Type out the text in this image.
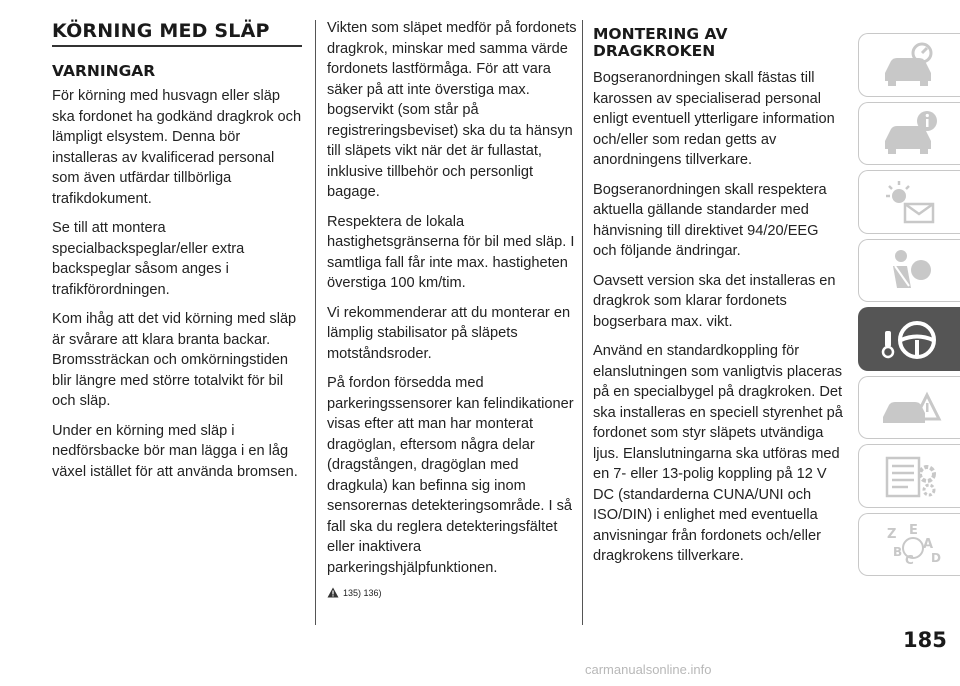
KÖRNING MED SLÄP
VARNINGAR

För körning med husvagn eller släp ska fordonet ha godkänd dragkrok och lämpligt elsystem. Denna bör installeras av kvalificerad personal som även utfärdar tillbörliga trafikdokument.

Se till att montera specialbackspeglar/eller extra backspeglar såsom anges i trafikförordningen.

Kom ihåg att det vid körning med släp är svårare att klara branta backar. Bromssträckan och omkörningstiden blir längre med större totalvikt för bil och släp.

Under en körning med släp i nedförsbacke bör man lägga i en låg växel istället för att använda bromsen.

Vikten som släpet medför på fordonets dragkrok, minskar med samma värde fordonets lastförmåga. För att vara säker på att inte överstiga max. bogservikt (som står på registreringsbeviset) ska du ta hänsyn till släpets vikt när det är fullastat, inklusive tillbehör och personligt bagage.

Respektera de lokala hastighetsgränserna för bil med släp. I samtliga fall får inte max. hastigheten överstiga 100 km/tim.

Vi rekommenderar att du monterar en lämplig stabilisator på släpets motståndsroder.

På fordon försedda med parkeringssensorer kan felindikationer visas efter att man har monterat dragöglan, eftersom några delar (dragstången, dragöglan med dragkula) kan befinna sig inom sensorernas detekteringsområde. I så fall ska du reglera detekteringsfältet eller inaktivera parkeringshjälpfunktionen.

135) 136)
MONTERING AV DRAGKROKEN

Bogseranordningen skall fästas till karossen av specialiserad personal enligt eventuell ytterligare information och/eller som redan getts av anordningens tillverkare.

Bogseranordningen skall respektera aktuella gällande standarder med hänvisning till direktivet 94/20/EEG och följande ändringar.

Oavsett version ska det installeras en dragkrok som klarar fordonets bogserbara max. vikt.

Använd en standardkoppling för elanslutningen som vanligtvis placeras på en specialbygel på dragkroken. Det ska installeras en speciell styrenhet på fordonet som styr släpets utvändiga ljus. Elanslutningarna ska utföras med en 7- eller 13-polig koppling på 12 V DC (standarderna CUNA/UNI och ISO/DIN) i enlighet med eventuella anvisningar från fordonets och/eller dragkrokens tillverkare.

Z E
A
B
C D
185
carmanualsonline.info
